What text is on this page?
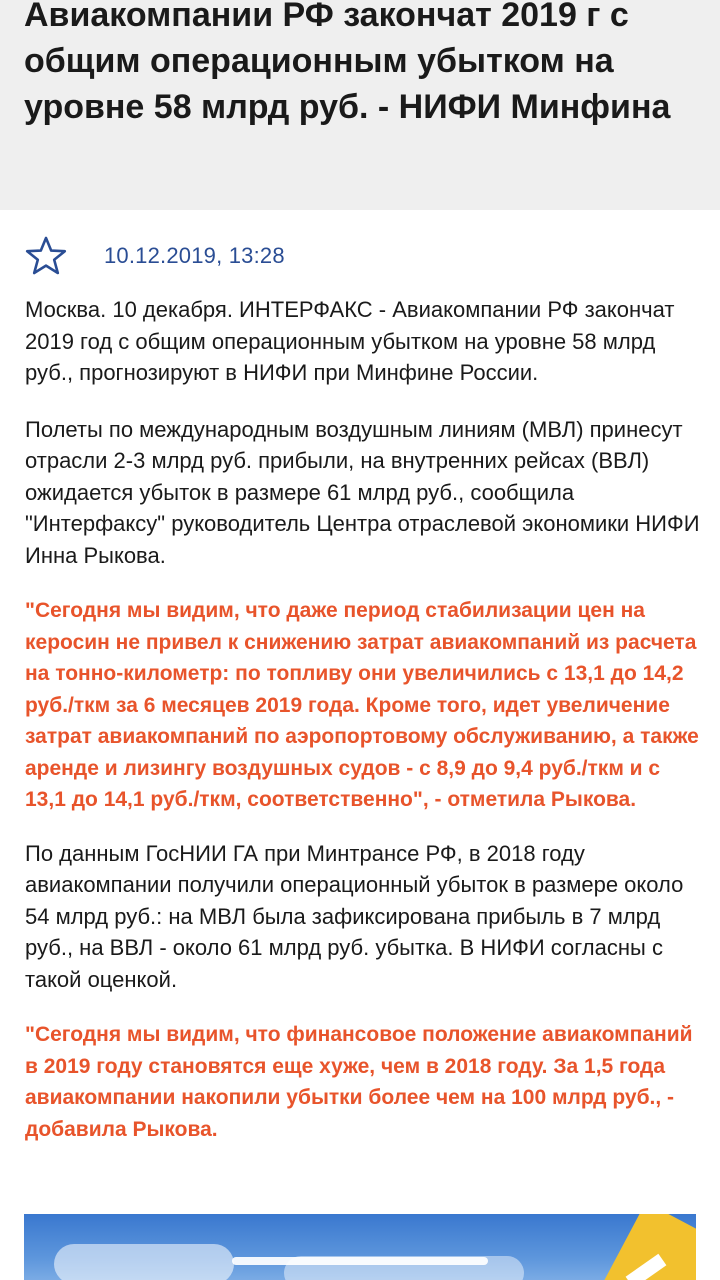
Авиакомпании РФ закончат 2019 г с общим операционным убытком на уровне 58 млрд руб. - НИФИ Минфина
10.12.2019, 13:28

Москва. 10 декабря. ИНТЕРФАКС - Авиакомпании РФ закончат 2019 год с общим операционным убытком на уровне 58 млрд руб., прогнозируют в НИФИ при Минфине России.

Полеты по международным воздушным линиям (МВЛ) принесут отрасли 2-3 млрд руб. прибыли, на внутренних рейсах (ВВЛ) ожидается убыток в размере 61 млрд руб., сообщила "Интерфаксу" руководитель Центра отраслевой экономики НИФИ Инна Рыкова.

"Сегодня мы видим, что даже период стабилизации цен на керосин не привел к снижению затрат авиакомпаний из расчета на тонно-километр: по топливу они увеличились с 13,1 до 14,2 руб./ткм за 6 месяцев 2019 года. Кроме того, идет увеличение затрат авиакомпаний по аэропортовому обслуживанию, а также аренде и лизингу воздушных судов - с 8,9 до 9,4 руб./ткм и с 13,1 до 14,1 руб./ткм, соответственно", - отметила Рыкова.

По данным ГосНИИ ГА при Минтрансе РФ, в 2018 году авиакомпании получили операционный убыток в размере около 54 млрд руб.: на МВЛ была зафиксирована прибыль в 7 млрд руб., на ВВЛ - около 61 млрд руб. убытка. В НИФИ согласны с такой оценкой.

"Сегодня мы видим, что финансовое положение авиакомпаний в 2019 году становятся еще хуже, чем в 2018 году. За 1,5 года авиакомпании накопили убытки более чем на 100 млрд руб., - добавила Рыкова.
